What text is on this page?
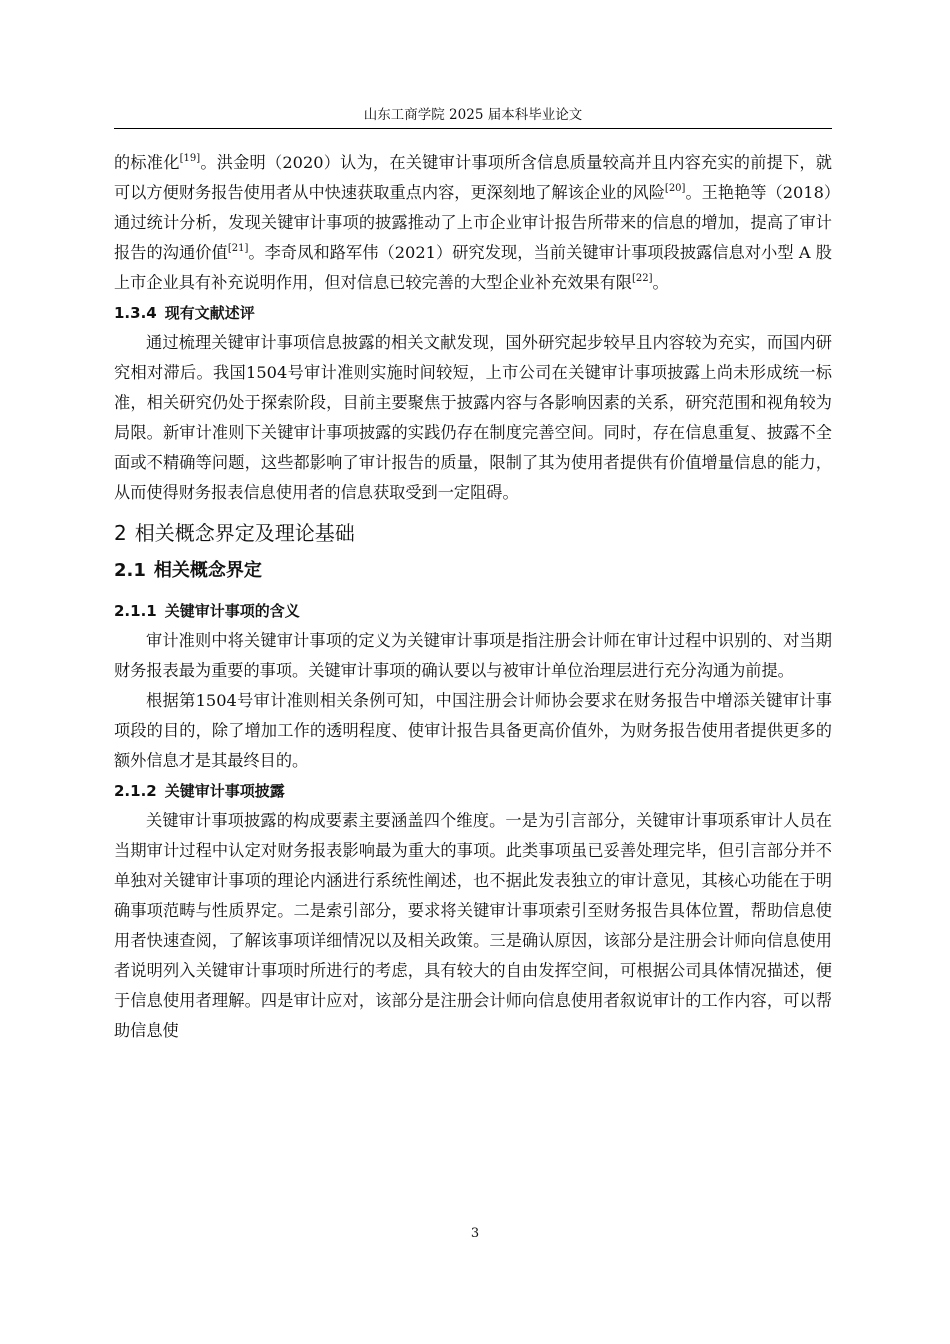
山东工商学院 2025 届本科毕业论文

的标准化[19]。洪金明（2020）认为，在关键审计事项所含信息质量较高并且内容充实的前提下，就可以方便财务报告使用者从中快速获取重点内容，更深刻地了解该企业的风险[20]。王艳艳等（2018）通过统计分析，发现关键审计事项的披露推动了上市企业审计报告所带来的信息的增加，提高了审计报告的沟通价值[21]。李奇凤和路军伟（2021）研究发现，当前关键审计事项段披露信息对小型 A 股上市企业具有补充说明作用，但对信息已较完善的大型企业补充效果有限[22]。

1.3.4 现有文献述评

通过梳理关键审计事项信息披露的相关文献发现，国外研究起步较早且内容较为充实，而国内研究相对滞后。我国1504号审计准则实施时间较短，上市公司在关键审计事项披露上尚未形成统一标准，相关研究仍处于探索阶段，目前主要聚焦于披露内容与各影响因素的关系，研究范围和视角较为局限。新审计准则下关键审计事项披露的实践仍存在制度完善空间。同时，存在信息重复、披露不全面或不精确等问题，这些都影响了审计报告的质量，限制了其为使用者提供有价值增量信息的能力，从而使得财务报表信息使用者的信息获取受到一定阻碍。

2 相关概念界定及理论基础
2.1 相关概念界定
2.1.1 关键审计事项的含义

审计准则中将关键审计事项的定义为关键审计事项是指注册会计师在审计过程中识别的、对当期财务报表最为重要的事项。关键审计事项的确认要以与被审计单位治理层进行充分沟通为前提。

根据第1504号审计准则相关条例可知，中国注册会计师协会要求在财务报告中增添关键审计事项段的目的，除了增加工作的透明程度、使审计报告具备更高价值外，为财务报告使用者提供更多的额外信息才是其最终目的。

2.1.2 关键审计事项披露

关键审计事项披露的构成要素主要涵盖四个维度。一是为引言部分，关键审计事项系审计人员在当期审计过程中认定对财务报表影响最为重大的事项。此类事项虽已妥善处理完毕，但引言部分并不单独对关键审计事项的理论内涵进行系统性阐述，也不据此发表独立的审计意见，其核心功能在于明确事项范畴与性质界定。二是索引部分，要求将关键审计事项索引至财务报告具体位置，帮助信息使用者快速查阅，了解该事项详细情况以及相关政策。三是确认原因，该部分是注册会计师向信息使用者说明列入关键审计事项时所进行的考虑，具有较大的自由发挥空间，可根据公司具体情况描述，便于信息使用者理解。四是审计应对，该部分是注册会计师向信息使用者叙说审计的工作内容，可以帮助信息使

3
